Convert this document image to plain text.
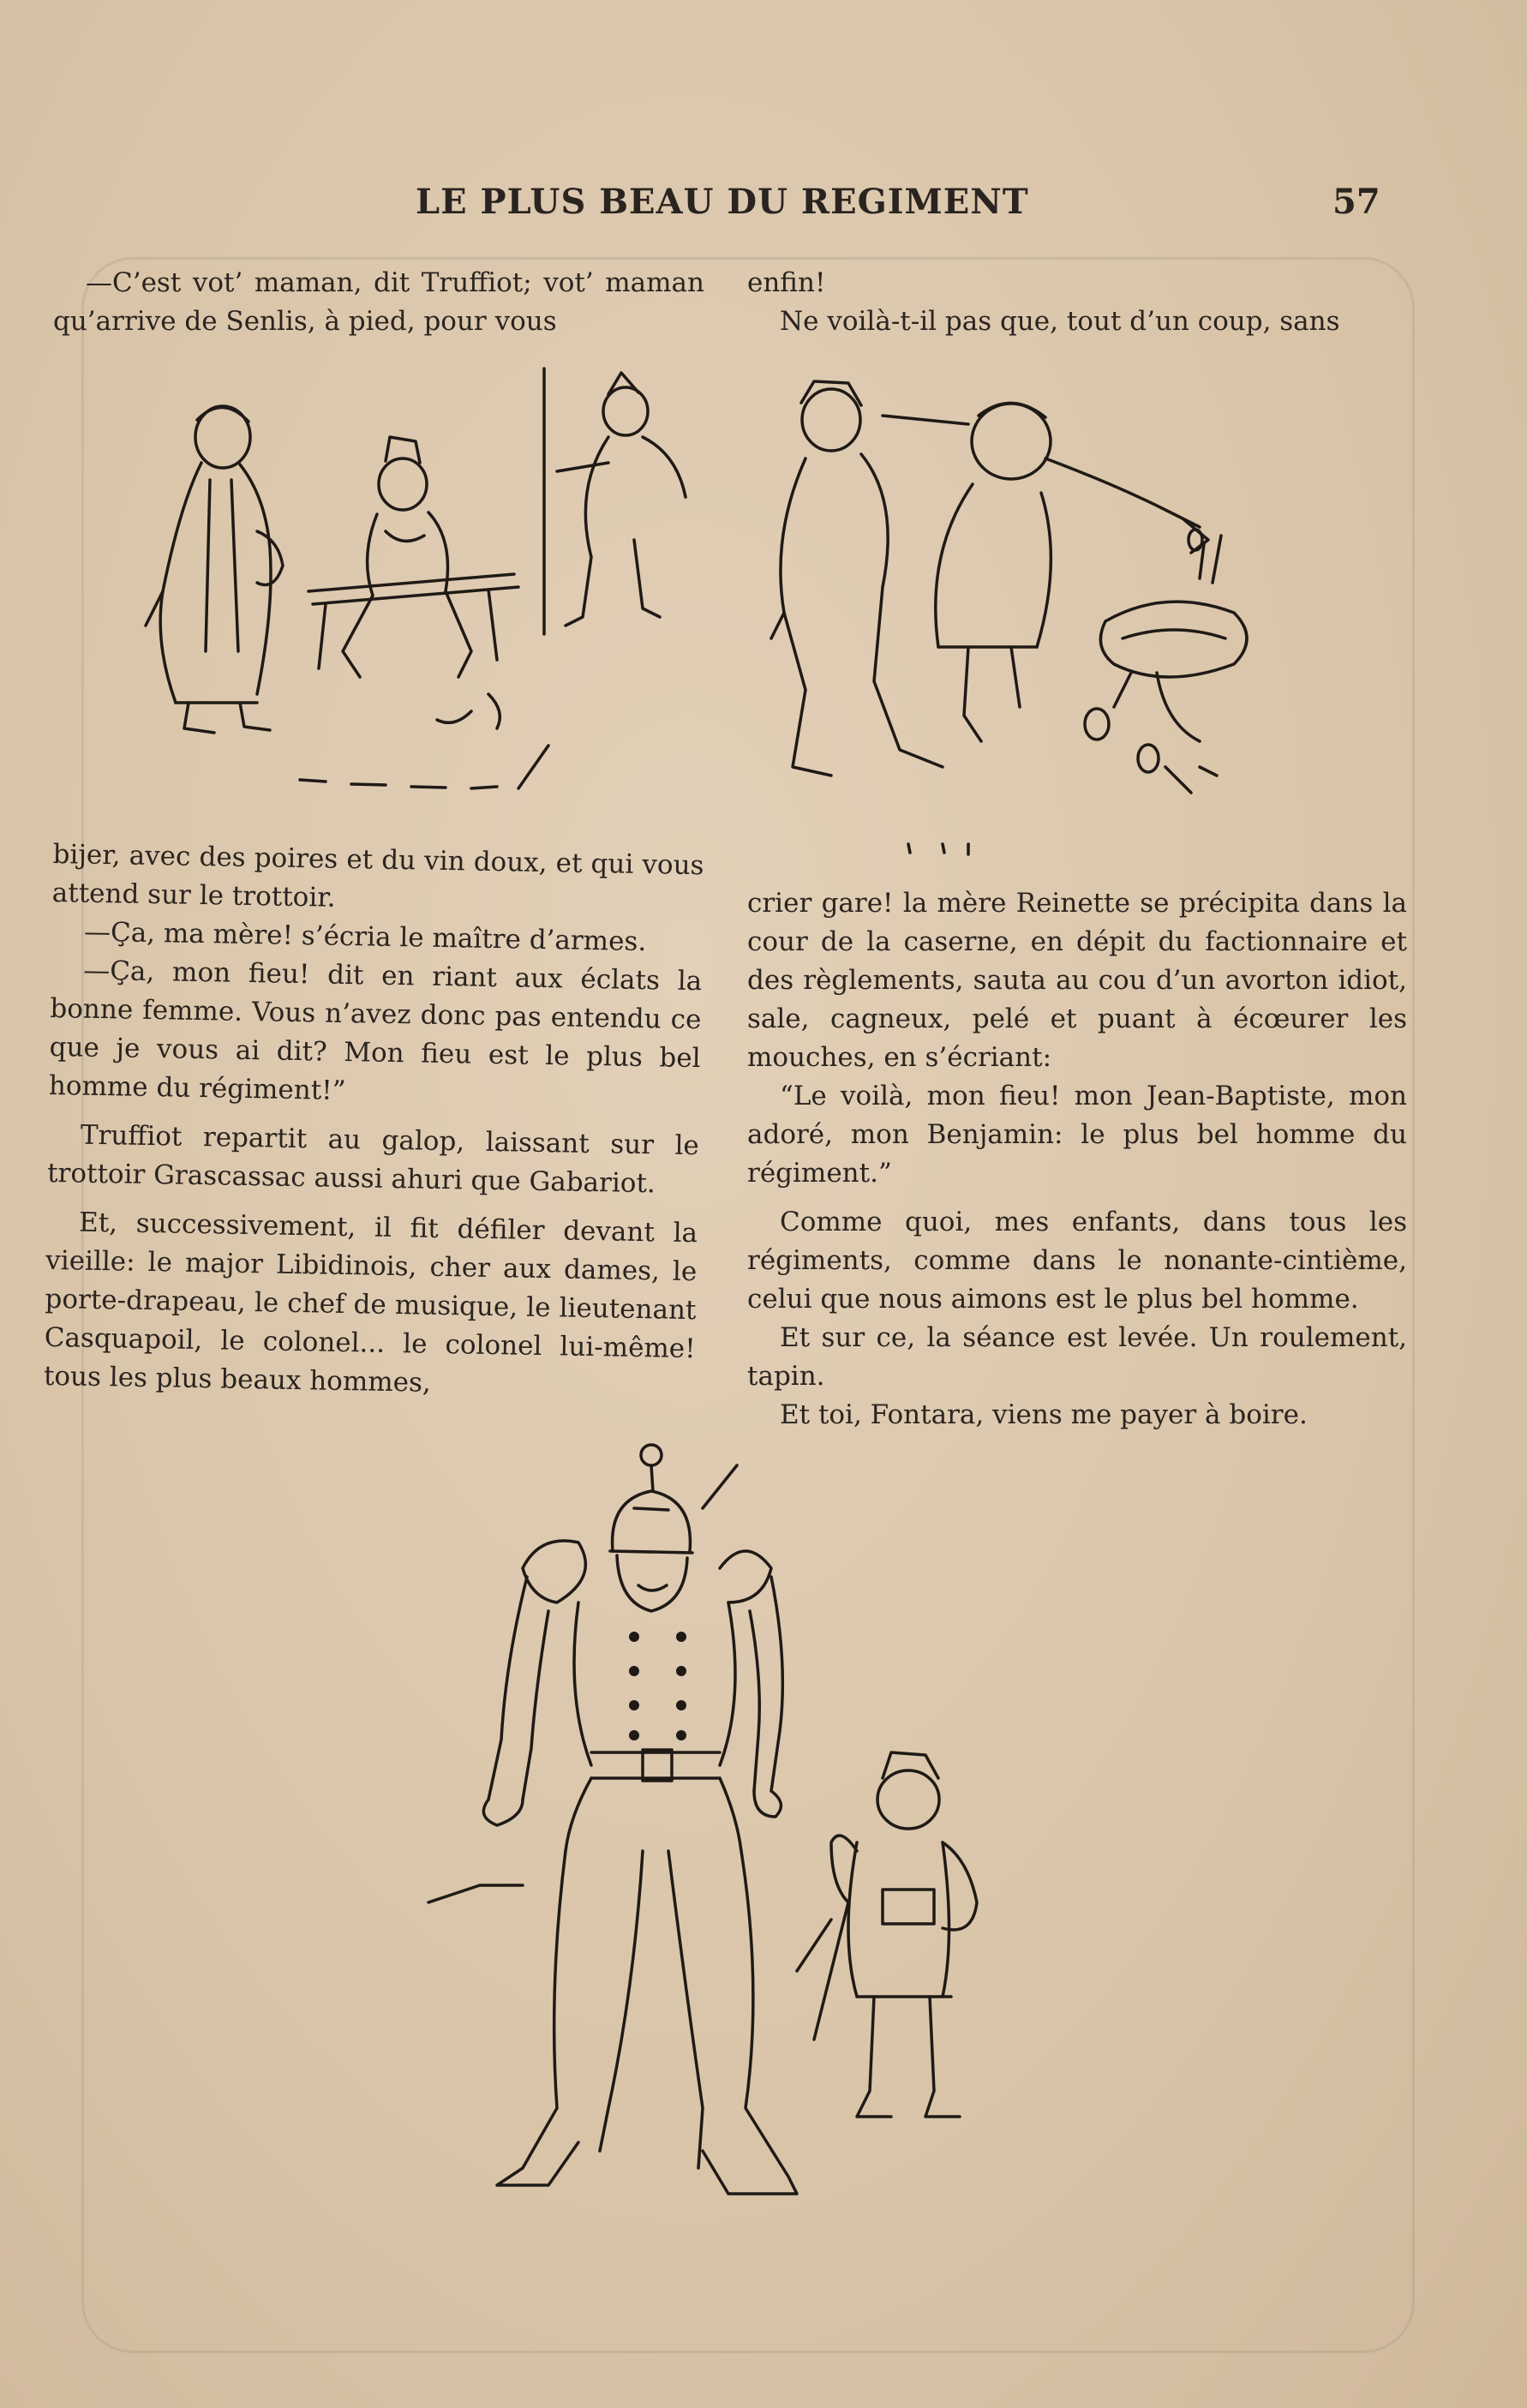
LE PLUS BEAU DU REGIMENT	57

—C’est vot’ maman, dit Truffiot; vot’ maman qu’arrive de Senlis, à pied, pour vous

bijer, avec des poires et du vin doux, et qui vous attend sur le trottoir.

—Ça, ma mère! s’écria le maître d’armes.

—Ça, mon fieu! dit en riant aux éclats la bonne femme. Vous n’avez donc pas entendu ce que je vous ai dit? Mon fieu est le plus bel homme du régiment!”

Truffiot repartit au galop, laissant sur le trottoir Grascassac aussi ahuri que Gabariot.

Et, successivement, il fit défiler devant la vieille: le major Libidinois, cher aux dames, le porte-drapeau, le chef de musique, le lieutenant Casquapoil, le colonel... le colonel lui-même! tous les plus beaux hommes,

enfin!

Ne voilà-t-il pas que, tout d’un coup, sans

crier gare! la mère Reinette se précipita dans la cour de la caserne, en dépit du factionnaire et des règlements, sauta au cou d’un avorton idiot, sale, cagneux, pelé et puant à écœurer les mouches, en s’écriant:

“Le voilà, mon fieu! mon Jean-Baptiste, mon adoré, mon Benjamin: le plus bel homme du régiment.”

Comme quoi, mes enfants, dans tous les régiments, comme dans le nonante-cintième, celui que nous aimons est le plus bel homme.

Et sur ce, la séance est levée. Un roulement, tapin.

Et toi, Fontara, viens me payer à boire.
